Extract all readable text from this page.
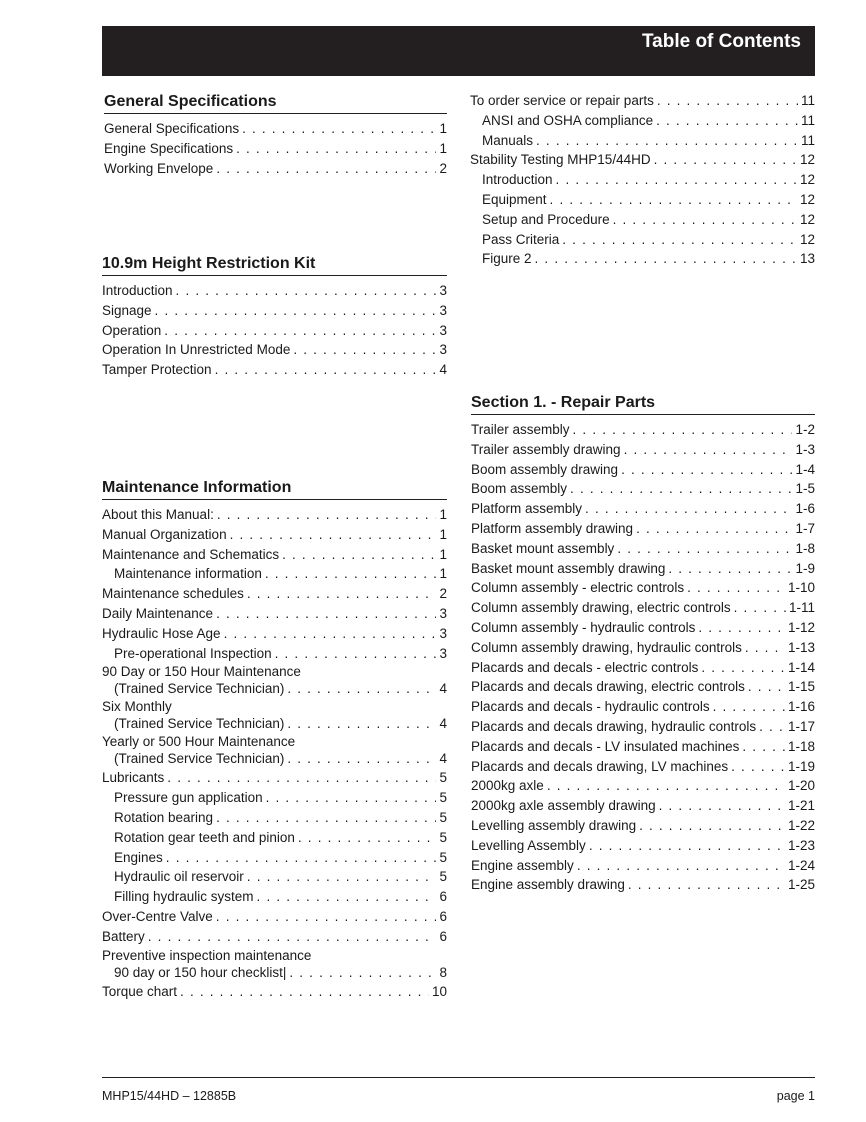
Table of Contents
General Specifications
General Specifications . . .	1
Engine Specifications . . .	1
Working Envelope . . .	2
10.9m Height Restriction Kit
Introduction . . .	3
Signage . . .	3
Operation . . .	3
Operation In Unrestricted Mode . . .	3
Tamper Protection . . .	4
Maintenance Information
About this Manual: . . .	1
Manual Organization . . .	1
Maintenance and Schematics . . .	1
Maintenance information . . .	1
Maintenance schedules . . .	2
Daily Maintenance . . .	3
Hydraulic Hose Age . . .	3
Pre-operational Inspection . . .	3
90 Day or 150 Hour Maintenance
(Trained Service Technician) . . .	4
Six Monthly
(Trained Service Technician) . . .	4
Yearly or 500 Hour Maintenance
(Trained Service Technician) . . .	4
Lubricants . . .	5
Pressure gun application . . .	5
Rotation bearing . . .	5
Rotation gear teeth and pinion . . .	5
Engines . . .	5
Hydraulic oil reservoir . . .	5
Filling hydraulic system . . .	6
Over-Centre Valve . . .	6
Battery . . .	6
Preventive inspection maintenance
90 day or 150 hour checklist| . . .	8
Torque chart . . .	10
To order service or repair parts . . .	11
ANSI and OSHA compliance . . .	11
Manuals . . .	11
Stability Testing MHP15/44HD . . .	12
Introduction . . .	12
Equipment . . .	12
Setup and Procedure . . .	12
Pass Criteria . . .	12
Figure 2 . . .	13
Section 1. - Repair Parts
Trailer assembly . . .	1-2
Trailer assembly drawing . . .	1-3
Boom assembly drawing . . .	1-4
Boom assembly . . .	1-5
Platform assembly . . .	1-6
Platform assembly drawing . . .	1-7
Basket mount assembly . . .	1-8
Basket mount assembly drawing . . .	1-9
Column assembly - electric controls . . .	1-10
Column assembly drawing, electric controls . . .	1-11
Column assembly - hydraulic controls . . .	1-12
Column assembly drawing, hydraulic controls . . .	1-13
Placards and decals - electric controls . . .	1-14
Placards and decals drawing, electric controls . . .	1-15
Placards and decals - hydraulic controls . . .	1-16
Placards and decals drawing, hydraulic controls . . . 1-17
Placards and decals - LV insulated machines . . .	1-18
Placards and decals drawing, LV machines . . .	1-19
2000kg axle . . .	1-20
2000kg axle assembly drawing . . .	1-21
Levelling assembly drawing . . .	1-22
Levelling Assembly . . .	1-23
Engine assembly . . .	1-24
Engine assembly drawing . . .	1-25
MHP15/44HD – 12885B	page 1
